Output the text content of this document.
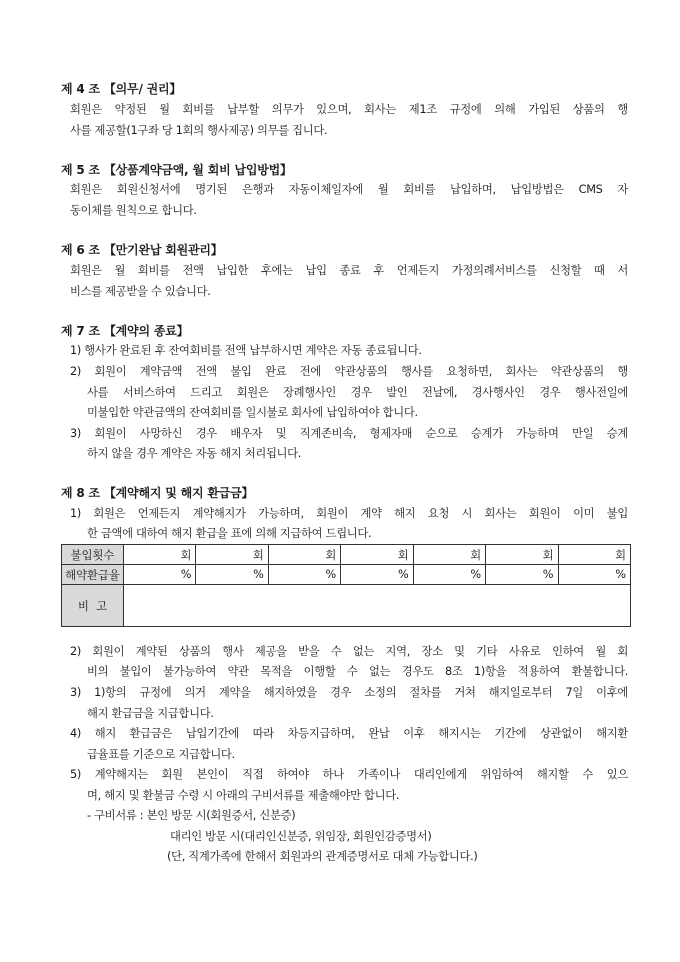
제 4 조 【의무/ 권리】
회원은 약정된 월 회비를 납부할 의무가 있으며, 회사는 제1조 규정에 의해 가입된 상품의 행
사를 제공할(1구좌 당 1회의 행사제공) 의무를 집니다.
제 5 조 【상품계약금액, 월 회비 납입방법】
회원은 회원신청서에 명기된 은행과 자동이체일자에 월 회비를 납입하며, 납입방법은 CMS 자
동이체를 원칙으로 합니다.
제 6 조 【만기완납 회원관리】
회원은 월 회비를 전액 납입한 후에는 납입 종료 후 언제든지 가정의례서비스를 신청할 때 서
비스를 제공받을 수 있습니다.
제 7 조 【계약의 종료】
1) 행사가 완료된 후 잔여회비를 전액 납부하시면 계약은 자동 종료됩니다.
2) 회원이 계약금액 전액 불입 완료 전에 약관상품의 행사를 요청하면, 회사는 약관상품의 행
사를 서비스하여 드리고 회원은 장례행사인 경우 발인 전날에, 경사행사인 경우 행사전일에
미불입한 약관금액의 잔여회비를 일시불로 회사에 납입하여야 합니다.
3) 회원이 사망하신 경우 배우자 및 직계존비속, 형제자매 순으로 승계가 가능하며 만일 승계
하지 않을 경우 계약은 자동 해지 처리됩니다.
제 8 조 【계약해지 및 해지 환급금】
1) 회원은 언제든지 계약해지가 가능하며, 회원이 계약 해지 요청 시 회사는 회원이 이미 불입
한 금액에 대하여 해지 환급을 표에 의해 지급하여 드립니다.
불입횟수	회	회	회	회	회	회	회
해약환급율	%	%	%	%	%	%	%
비  고							
2) 회원이 계약된 상품의 행사 제공을 받을 수 없는 지역, 장소 및 기타 사유로 인하여 월 회
비의 불입이 불가능하여 약관 목적을 이행할 수 없는 경우도 8조 1)항을 적용하여 환불합니다.
3) 1)항의 규정에 의거 계약을 해지하였을 경우 소정의 절차를 거쳐 해지일로부터 7일 이후에
해지 환급금을 지급합니다.
4) 해지 환급금은 납입기간에 따라 차등지급하며, 완납 이후 해지시는 기간에 상관없이 해지환
급율표를 기준으로 지급합니다.
5) 계약해지는 회원 본인이 직접 하여야 하나 가족이나 대리인에게 위임하여 해지할 수 있으
며, 해지 및 환불금 수령 시 아래의 구비서류를 제출해야만 합니다.
- 구비서류 : 본인 방문 시(회원증서, 신분증)
대리인 방문 시(대리인신분증, 위임장, 회원인감증명서)
(단, 직계가족에 한해서 회원과의 관계증명서로 대체 가능합니다.)
